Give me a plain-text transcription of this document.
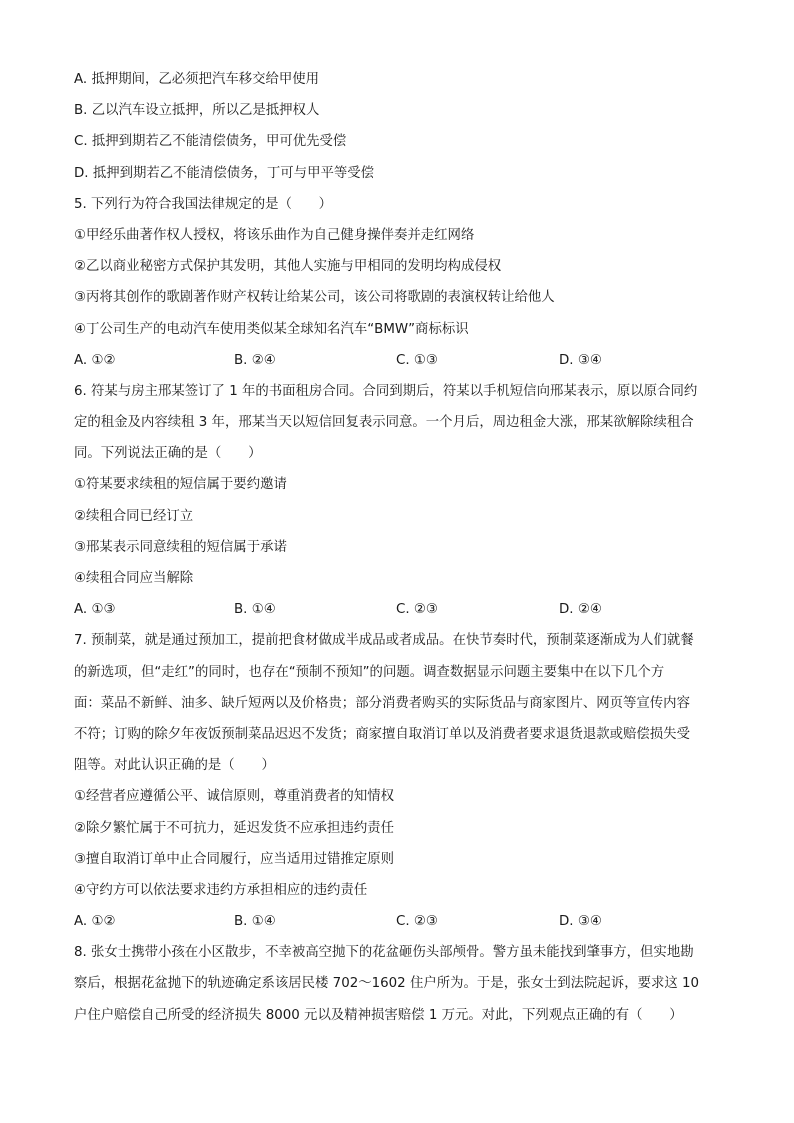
A. 抵押期间，乙必须把汽车移交给甲使用
B. 乙以汽车设立抵押，所以乙是抵押权人
C. 抵押到期若乙不能清偿债务，甲可优先受偿
D. 抵押到期若乙不能清偿债务，丁可与甲平等受偿
5. 下列行为符合我国法律规定的是（　　）
①甲经乐曲著作权人授权，将该乐曲作为自己健身操伴奏并走红网络
②乙以商业秘密方式保护其发明，其他人实施与甲相同的发明均构成侵权
③丙将其创作的歌剧著作财产权转让给某公司，该公司将歌剧的表演权转让给他人
④丁公司生产的电动汽车使用类似某全球知名汽车“BMW”商标标识
A. ①②	B. ②④	C. ①③	D. ③④
6. 符某与房主邢某签订了 1 年的书面租房合同。合同到期后，符某以手机短信向邢某表示，原以原合同约
定的租金及内容续租 3 年，邢某当天以短信回复表示同意。一个月后，周边租金大涨，邢某欲解除续租合
同。下列说法正确的是（　　）
①符某要求续租的短信属于要约邀请
②续租合同已经订立
③邢某表示同意续租的短信属于承诺
④续租合同应当解除
A. ①③	B. ①④	C. ②③	D. ②④
7. 预制菜，就是通过预加工，提前把食材做成半成品或者成品。在快节奏时代，预制菜逐渐成为人们就餐
的新选项，但“走红”的同时，也存在“预制不预知”的问题。调查数据显示问题主要集中在以下几个方
面：菜品不新鲜、油多、缺斤短两以及价格贵；部分消费者购买的实际货品与商家图片、网页等宣传内容
不符；订购的除夕年夜饭预制菜品迟迟不发货；商家擅自取消订单以及消费者要求退货退款或赔偿损失受
阻等。对此认识正确的是（　　）
①经营者应遵循公平、诚信原则，尊重消费者的知情权
②除夕繁忙属于不可抗力，延迟发货不应承担违约责任
③擅自取消订单中止合同履行，应当适用过错推定原则
④守约方可以依法要求违约方承担相应的违约责任
A. ①②	B. ①④	C. ②③	D. ③④
8. 张女士携带小孩在小区散步，不幸被高空抛下的花盆砸伤头部颅骨。警方虽未能找到肇事方，但实地勘
察后，根据花盆抛下的轨迹确定系该居民楼 702～1602 住户所为。于是，张女士到法院起诉，要求这 10
户住户赔偿自己所受的经济损失 8000 元以及精神损害赔偿 1 万元。对此，下列观点正确的有（　　）
